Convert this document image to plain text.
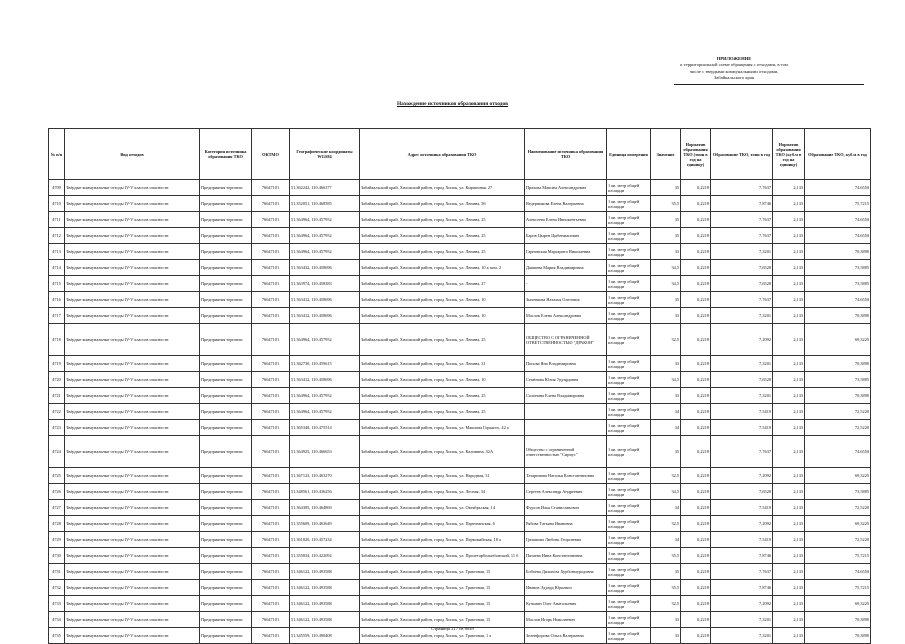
ПРИЛОЖЕНИЕ
к территориальной схеме обращения с отходами, в том
числе с твердыми коммунальными отходами,
Забайкальского края
Нахождение источников образования отходов
№ п/п	Вид отходов	Категория источника образования ТКО	ОКТМО	Географические координаты WGS84	Адрес источника образования ТКО	Наименование источника образования ТКО	Единица измерения	Значение	Норматив образования ТКО (тонн в год на единицу)	Образование ТКО, тонн в год	Норматив образования ТКО (куб.м в год на единицу)	Образование ТКО, куб.м в год
4709	Твёрдые коммунальные отходы IV-V классов опасности	Предприятия торговли	76647101	51.362242, 110.466377	Забайкальский край, Хилокский район, город Хилок, ул. Кирпичная, 27	Прахова Максим Александрович	1 кв. метр общей площади	35	0,2218	7,7637	2,133	74,6550
4710	Твёрдые коммунальные отходы IV-V классов опасности	Предприятия торговли	76647101	51.352051, 110.468585	Забайкальский край, Хилокский район, город Хилок, ул. Ленина, 56	Ведерникова Елена Валерьевна	1 кв. метр общей площади	35,5	0,2218	7,8746	2,133	75,7215
4711	Твёрдые коммунальные отходы IV-V классов опасности	Предприятия торговли	76647101	51.364964, 110.457952	Забайкальский край, Хилокский район, город Хилок, ул. Ленина, 25	Алексеева Елена Иннокентьевна	1 кв. метр общей площади	35	0,2218	7,7637	2,133	74,6550
4712	Твёрдые коммунальные отходы IV-V классов опасности	Предприятия торговли	76647101	51.364964, 110.457952	Забайкальский край, Хилокский район, город Хилок, ул. Ленина, 25	Баров Цырен Цыбенжапович	1 кв. метр общей площади	35	0,2218	7,7637	2,133	74,6550
4713	Твёрдые коммунальные отходы IV-V классов опасности	Предприятия торговли	76647101	51.364964, 110.457952	Забайкальский край, Хилокский район, город Хилок, ул. Ленина, 25	Гарновская Маргарита Николаевна	1 кв. метр общей площади	33	0,2218	7,3201	2,133	70,3890
4714	Твёрдые коммунальные отходы IV-V классов опасности	Предприятия торговли	76647101	51.363432, 110.458696	Забайкальский край, Хилокский район, город Хилок, ул. Ленина, 10 а пом. 2	Дашиева Мария Владимировна	1 кв. метр общей площади	34,5	0,2218	7,6528	2,133	73,5885
4715	Твёрдые коммунальные отходы IV-V классов опасности	Предприятия торговли	76647101	51.363974, 110.458383	Забайкальский край, Хилокский район, город Хилок, ул. Ленина, 27	-	1 кв. метр общей площади	34,5	0,2218	7,6528	2,133	73,5885
4716	Твёрдые коммунальные отходы IV-V классов опасности	Предприятия торговли	76647101	51.363412, 110.458696	Забайкальский край, Хилокский район, город Хилок, ул. Ленина, 10	Зыченкова Наталья Олеговна	1 кв. метр общей площади	35	0,2218	7,7637	2,133	74,6550
4717	Твёрдые коммунальные отходы IV-V классов опасности	Предприятия торговли	76647101	51.363412, 110.458696	Забайкальский край, Хилокский район, город Хилок, ул. Ленина, 10	Маслов Елена Александровна	1 кв. метр общей площади	33	0,2218	7,3201	2,133	70,3890
4718	Твёрдые коммунальные отходы IV-V классов опасности	Предприятия торговли	76647101	51.364964, 110.457952	Забайкальский край, Хилокский район, город Хилок, ул. Ленина, 25	ОБЩЕСТВО С ОГРАНИЧЕННОЙ ОТВЕТСТВЕННОСТЬЮ "ДРАКОН"	1 кв. метр общей площади	32,5	0,2218	7,2092	2,133	69,3225
4719	Твёрдые коммунальные отходы IV-V классов опасности	Предприятия торговли	76647101	51.362730, 110.459615	Забайкальский край, Хилокский район, город Хилок, ул. Ленина, 31	Попова Яна Владимировна	1 кв. метр общей площади	33	0,2218	7,3201	2,133	70,3890
4720	Твёрдые коммунальные отходы IV-V классов опасности	Предприятия торговли	76647101	51.363412, 110.458696	Забайкальский край, Хилокский район, город Хилок, ул. Ленина, 10	Семёнова Юлия Эдуардовна	1 кв. метр общей площади	34,5	0,2218	7,6528	2,133	73,5885
4721	Твёрдые коммунальные отходы IV-V классов опасности	Предприятия торговли	76647101	51.364964, 110.457952	Забайкальский край, Хилокский район, город Хилок, ул. Ленина, 25	Солонина Елена Владимировна	1 кв. метр общей площади	33	0,2218	7,3201	2,133	70,3890
4722	Твёрдые коммунальные отходы IV-V классов опасности	Предприятия торговли	76647101	51.364964, 110.457952	Забайкальский край, Хилокский район, город Хилок, ул. Ленина, 25		1 кв. метр общей площади	34	0,2218	7,5419	2,133	72,5220
4723	Твёрдые коммунальные отходы IV-V классов опасности	Предприятия торговли	76647101	51.365348, 110.475514	Забайкальский край, Хилокский район, город Хилок, ул. Максима Горького, 42 а		1 кв. метр общей площади	34	0,2218	7,5419	2,133	72,5220
4724	Твёрдые коммунальные отходы IV-V классов опасности	Предприятия торговли	76647101	51.364925, 110.466653	Забайкальский край, Хилокский район, город Хилок, ул. Калинина, 32А	Общество с ограниченной ответственностью "Сириус"	1 кв. метр общей площади	35	0,2218	7,7637	2,133	74,6550
4725	Твёрдые коммунальные отходы IV-V классов опасности	Предприятия торговли	76647101	51.367123, 110.463270	Забайкальский край, Хилокский район, город Хилок, ул. Народная, 31	Татаринова Наталья Константиновна	1 кв. метр общей площади	32,5	0,2218	7,2092	2,133	69,3225
4726	Твёрдые коммунальные отходы IV-V классов опасности	Предприятия торговли	76647101	51.348561, 110.436256	Забайкальский край, Хилокский район, город Хилок, ул. Лесная, 34	Сергеев Александр Андреевич	1 кв. метр общей площади	34,5	0,2218	7,6528	2,133	73,5885
4727	Твёрдые коммунальные отходы IV-V классов опасности	Предприятия торговли	76647101	51.364385, 110.464869	Забайкальский край, Хилокский район, город Хилок, ул. Октябрьская, 14	Фурсов Илья Станиславович	1 кв. метр общей площади	34	0,2218	7,5419	2,133	72,5220
4728	Твёрдые коммунальные отходы IV-V классов опасности	Предприятия торговли	76647101	51.355609, 110.463649	Забайкальский край, Хилокский район, город Хилок, ул. Партизанская, 6	Рябова Татьяна Ивановна	1 кв. метр общей площади	32,5	0,2218	7,2092	2,133	69,3225
4729	Твёрдые коммунальные отходы IV-V классов опасности	Предприятия торговли	76647101	51.361820, 110.457234	Забайкальский край, Хилокский район, город Хилок, ул. Первомайская, 18 а	Гришкова Любовь Георгиевна	1 кв. метр общей площади	34	0,2218	7,5419	2,133	72,5220
4730	Твёрдые коммунальные отходы IV-V классов опасности	Предприятия торговли	76647101	51.355834, 110.422092	Забайкальский край, Хилокский район, город Хилок, ул. Пролетарбольнбонский, 11 б	Пятаева Нина Константиновна	1 кв. метр общей площади	35,5	0,2218	7,8746	2,133	75,7215
4731	Твёрдые коммунальные отходы IV-V классов опасности	Предприятия торговли	76647101	51.346122, 110.493588	Забайкальский край, Хилокский район, город Хилок, ул. Трактовая, 15	Бобоева Дильноза Хурбонмуродовна	1 кв. метр общей площади	35	0,2218	7,7637	2,133	74,6550
4732	Твёрдые коммунальные отходы IV-V классов опасности	Предприятия торговли	76647101	51.346122, 110.493588	Забайкальский край, Хилокский район, город Хилок, ул. Трактовая, 15	Иванов Эдуард Юрьевич	1 кв. метр общей площади	35,5	0,2218	7,8746	2,133	75,7215
4733	Твёрдые коммунальные отходы IV-V классов опасности	Предприятия торговли	76647101	51.346122, 110.493588	Забайкальский край, Хилокский район, город Хилок, ул. Трактовая, 15	Кузьмин Олег Анатольевич	1 кв. метр общей площади	32,5	0,2218	7,2092	2,133	69,3225
4734	Твёрдые коммунальные отходы IV-V классов опасности	Предприятия торговли	76647101	51.346122, 110.493588	Забайкальский край, Хилокский район, город Хилок, ул. Трактовая, 15	Маслов Игорь Николаевич	1 кв. метр общей площади	33	0,2218	7,3201	2,133	70,3890
4735	Твёрдые коммунальные отходы IV-V классов опасности	Предприятия торговли	76647101	51.345559, 110.490408	Забайкальский край, Хилокский район, город Хилок, ул. Трактовая, 1 а	Зеленфорова Ольга Валерьевна	1 кв. метр общей площади	33	0,2218	7,3201	2,133	70,3890
Страница 217 из 6049
